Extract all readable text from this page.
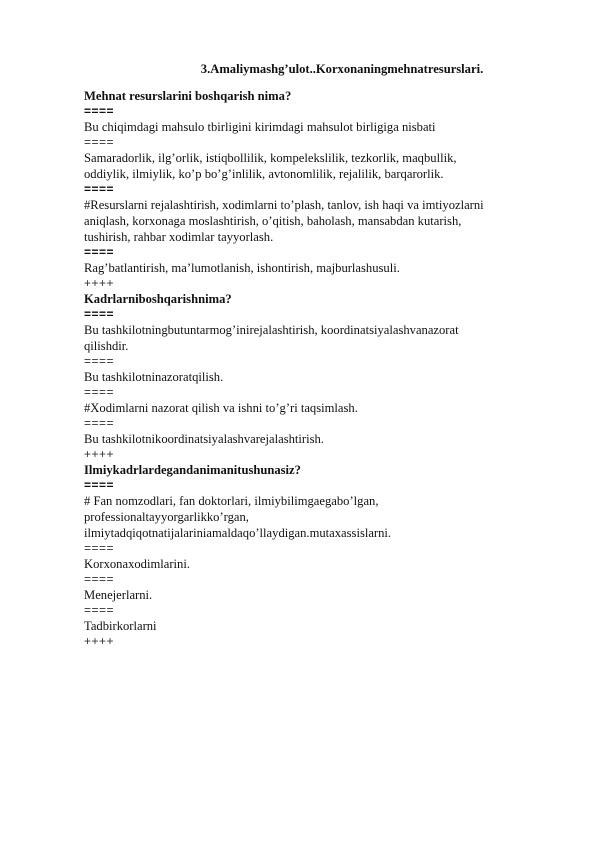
3.Amaliymashg’ulot..Korxonaningmehnatresurslari.
Mehnat resurslarini boshqarish nima?
====
Bu chiqimdagi mahsulo tbirligini kirimdagi mahsulot birligiga nisbati
====
Samaradorlik, ilg’orlik, istiqbollilik, kompelekslilik, tezkorlik, maqbullik,
oddiylik, ilmiylik, ko’p bo’g’inlilik, avtonomlilik, rejalilik, barqarorlik.
====
#Resurslarni rejalashtirish, xodimlarni to’plash, tanlov, ish haqi va imtiyozlarni
aniqlash, korxonaga moslashtirish, o’qitish, baholash, mansabdan kutarish,
tushirish, rahbar xodimlar tayyorlash.
====
Rag’batlantirish, ma’lumotlanish, ishontirish, majburlashusuli.
++++
Kadrlarniboshqarishnima?
====
Bu tashkilotningbutuntarmog’inirejalashtirish, koordinatsiyalashvanazorat
qilishdir.
====
Bu tashkilotninazoratqilish.
====
#Xodimlarni nazorat qilish va ishni to’g’ri taqsimlash.
====
Bu tashkilotnikoordinatsiyalashvarejalashtirish.
++++
Ilmiykadrlardegandanimanitushunasiz?
====
# Fan nomzodlari, fan doktorlari, ilmiybilimgaegabo’lgan,
professionaltayyorgarlikko’rgan,
ilmiytadqiqotnatijalariniamaldaqo’llaydigan.mutaxassislarni.
====
Korxonaxodimlarini.
====
Menejerlarni.
====
Tadbirkorlarni
++++
